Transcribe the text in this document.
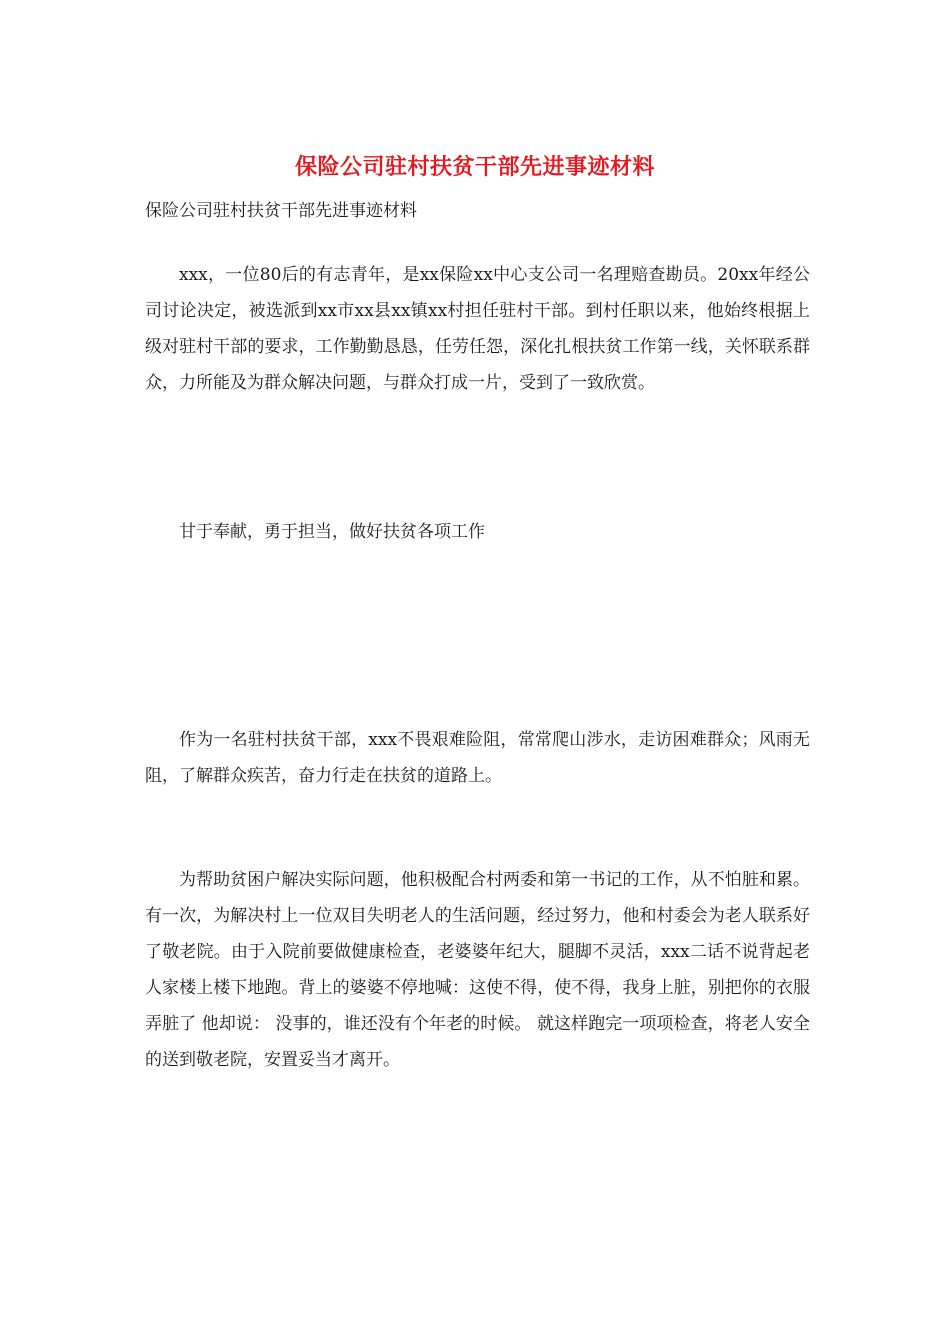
保险公司驻村扶贫干部先进事迹材料
保险公司驻村扶贫干部先进事迹材料

xxx，一位80后的有志青年，是xx保险xx中心支公司一名理赔查勘员。20xx年经公司讨论决定，被选派到xx市xx县xx镇xx村担任驻村干部。到村任职以来，他始终根据上级对驻村干部的要求，工作勤勤恳恳，任劳任怨，深化扎根扶贫工作第一线，关怀联系群众，力所能及为群众解决问题，与群众打成一片，受到了一致欣赏。

甘于奉献，勇于担当，做好扶贫各项工作

作为一名驻村扶贫干部，xxx不畏艰难险阻，常常爬山涉水，走访困难群众；风雨无阻，了解群众疾苦，奋力行走在扶贫的道路上。

为帮助贫困户解决实际问题，他积极配合村两委和第一书记的工作，从不怕脏和累。有一次，为解决村上一位双目失明老人的生活问题，经过努力，他和村委会为老人联系好了敬老院。由于入院前要做健康检查，老婆婆年纪大，腿脚不灵活，xxx二话不说背起老人家楼上楼下地跑。背上的婆婆不停地喊：这使不得，使不得，我身上脏，别把你的衣服弄脏了 他却说： 没事的，谁还没有个年老的时候。 就这样跑完一项项检查，将老人安全的送到敬老院，安置妥当才离开。
